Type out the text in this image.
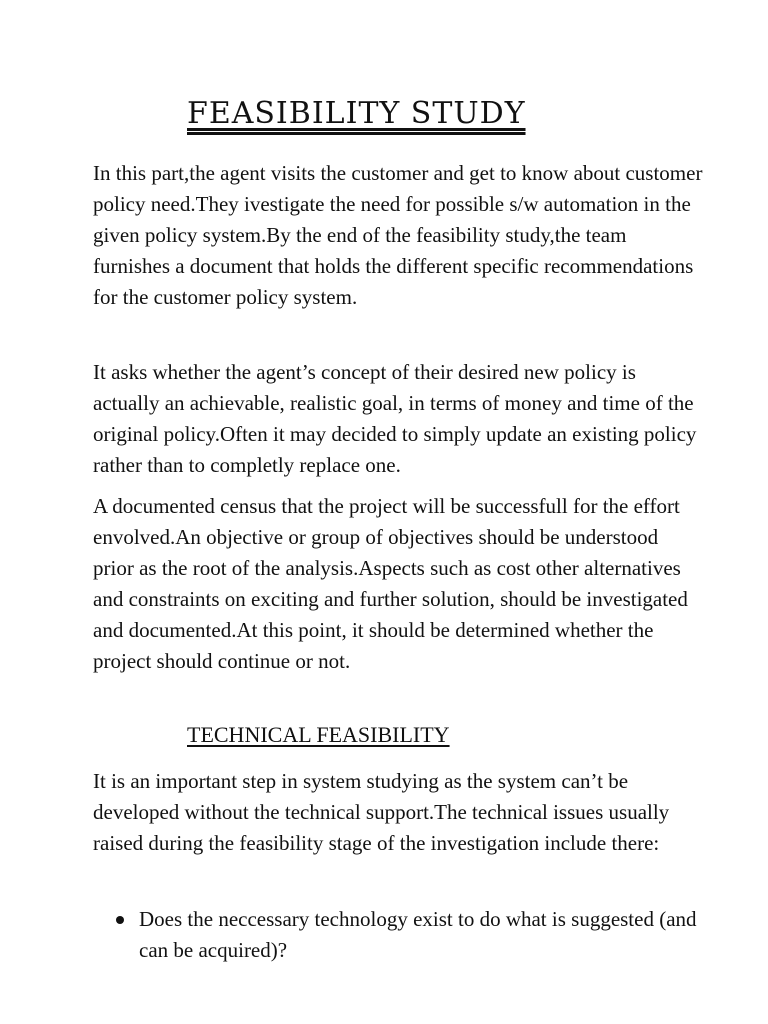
FEASIBILITY STUDY

In this part,the agent visits the customer and get to know about customer policy need.They ivestigate the need for possible s/w automation in the given policy system.By the end of the feasibility study,the team furnishes a document that holds the different specific recommendations for the customer policy system.

It asks whether the agent’s concept of their desired new policy is actually an achievable, realistic goal, in terms of money and time of the original policy.Often it may decided to simply update an existing policy rather than to completly replace one.

A documented census that the project will be successfull for the effort envolved.An objective or group of objectives should be understood prior as the root of the analysis.Aspects such as cost other alternatives and constraints on exciting and further solution, should be investigated and documented.At this point, it should be determined whether the project should continue or not.

TECHNICAL FEASIBILITY

It is an important step in system studying as the system can’t be developed without the technical support.The technical issues usually raised during the feasibility stage of the investigation include there:

Does the neccessary technology exist to do what is suggested (and can be acquired)?
